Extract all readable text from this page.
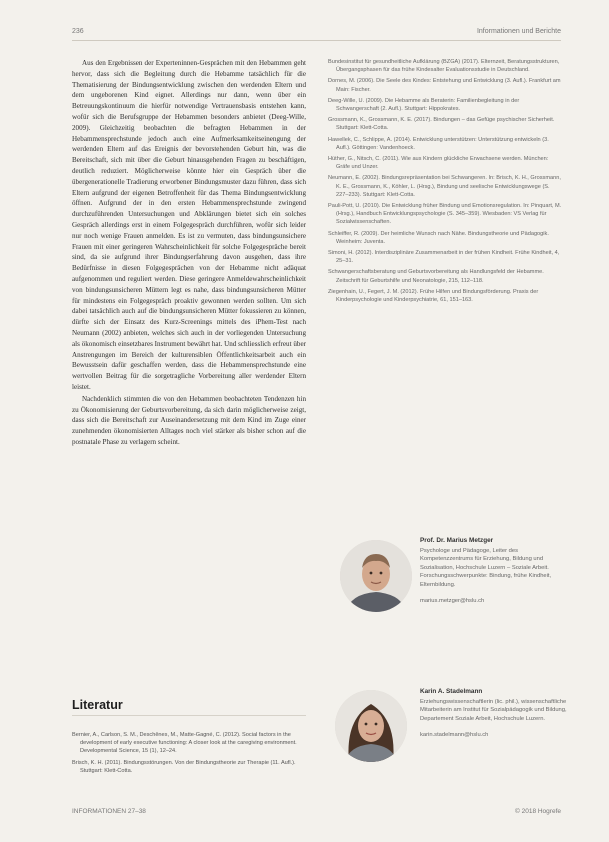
236	Informationen und Berichte

Aus den Ergebnissen der Experteninnen-Gesprächen mit den Hebammen geht hervor, dass sich die Begleitung durch die Hebamme tatsächlich für die Thematisierung der Bindungsentwicklung zwischen den werdenden Eltern und dem ungeborenen Kind eignet. Allerdings nur dann, wenn über ein Betreuungskontinuum die hierfür notwendige Vertrauensbasis entstehen kann, wofür sich die Berufsgruppe der Hebammen besonders anbietet (Deeg-Wille, 2009). Gleichzeitig beobachten die befragten Hebammen in der Hebammensprechstunde jedoch auch eine Aufmerksamkeitseinengung der werdenden Eltern auf das Ereignis der bevorstehenden Geburt hin, was die Bereitschaft, sich mit über die Geburt hinausgehenden Fragen zu beschäftigen, deutlich reduziert. Möglicherweise könnte hier ein Gespräch über die übergenerationelle Tradierung erworbener Bindungsmuster dazu führen, dass sich Eltern aufgrund der eigenen Betroffenheit für das Thema Bindungsentwicklung öffnen. Aufgrund der in den ersten Hebammensprechstunde zwingend durchzuführenden Untersuchungen und Abklärungen bietet sich ein solches Gespräch allerdings erst in einem Folgegespräch durchführen, wofür sich leider nur noch wenige Frauen anmelden. Es ist zu vermuten, dass bindungsunsichere Frauen mit einer geringeren Wahrscheinlichkeit für solche Folgegespräche bereit sind, da sie aufgrund ihrer Bindungserfahrung davon ausgehen, dass ihre Bedürfnisse in diesen Folgegesprächen von der Hebamme nicht adäquat aufgenommen und reguliert werden. Diese geringere Anmeldewahrscheinlichkeit von bindungsunsicheren Müttern legt es nahe, dass bindungsunsicheren Mütter für mindestens ein Folgegespräch proaktiv gewonnen werden sollten. Um sich dabei tatsächlich auch auf die bindungsunsicheren Mütter fokussieren zu können, dürfte sich der Einsatz des Kurz-Screenings mittels des iPhem-Test nach Neumann (2002) anbieten, welches sich auch in der vorliegenden Untersuchung als ökonomisch einsetzbares Instrument bewährt hat. Und schliesslich erfreut über Anstrengungen im Bereich der kulturensiblen Öffentlichkeitsarbeit auch ein Bewusstsein dafür geschaffen werden, dass die Hebammensprechstunde eine wertvollen Beitrag für die sorgetragliche Vorbereitung aller werdender Eltern leistet.

Nachdenklich stimmten die von den Hebammen beobachteten Tendenzen hin zu Ökonomisierung der Geburtsvorbereitung, da sich darin möglicherweise zeigt, dass sich die Bereitschaft zur Auseinandersetzung mit dem Kind im Zuge einer zunehmenden ökonomisierten Alltages noch viel stärker als bisher schon auf die postnatale Phase zu verlagern scheint.

Literatur

Bernier, A., Carlson, S. M., Deschênes, M., Matte-Gagné, C. (2012). Social factors in the development of early executive functioning: A closer look at the caregiving environment. Developmental Science, 15 (1), 12–24.

Brisch, K. H. (2011). Bindungsstörungen. Von der Bindungstheorie zur Therapie (11. Aufl.). Stuttgart: Klett-Cotta.

Bundesinstitut für gesundheitliche Aufklärung (BZGA) (2017). Elternzeit, Beratungsstrukturen, Übergangsphasen für das frühe Kindesalter Evaluationsstudie in Deutschland.

Dornes, M. (2006). Die Seele des Kindes: Entstehung und Entwicklung (3. Aufl.). Frankfurt am Main: Fischer.

Deeg-Wille, U. (2009). Die Hebamme als Beraterin: Familienbegleitung in der Schwangerschaft (2. Aufl.). Stuttgart: Hippokrates.

Grossmann, K., Grossmann, K. E. (2017). Bindungen – das Gefüge psychischer Sicherheit. Stuttgart: Klett-Cotta.

Hawellek, C., Schlippe, A. (2014). Entwicklung unterstützen: Unterstützung entwickeln (3. Aufl.). Göttingen: Vandenhoeck.

Hüther, G., Nitsch, C. (2011). Wie aus Kindern glückliche Erwachsene werden. München: Gräfe und Unzer.

Neumann, E. (2002). Bindungsrepräsentation bei Schwangeren. In: Brisch, K. H., Grossmann, K. E., Grossmann, K., Köhler, L. (Hrsg.), Bindung und seelische Entwicklungswege (S. 227–233). Stuttgart: Klett-Cotta.

Pauli-Pott, U. (2010). Die Entwicklung früher Bindung und Emotionsregulation. In: Pinquart, M. (Hrsg.), Handbuch Entwicklungspsychologie (S. 345–359). Wiesbaden: VS Verlag für Sozialwissenschaften.

Schleiffer, R. (2009). Der heimliche Wunsch nach Nähe. Bindungstheorie und Pädagogik. Weinheim: Juventa.

Simoni, H. (2012). Interdisziplinäre Zusammenarbeit in der frühen Kindheit. Frühe Kindheit, 4, 25–31.

Schwangerschaftsberatung und Geburtsvorbereitung als Handlungsfeld der Hebamme. Zeitschrift für Geburtshilfe und Neonatologie, 215, 112–118.

Ziegenhain, U., Fegert, J. M. (2012). Frühe Hilfen und Bindungsförderung. Praxis der Kinderpsychologie und Kinderpsychiatrie, 61, 151–163.

Prof. Dr. Marius Metzger
Psychologe und Pädagoge, Leiter des Kompetenzzentrums für Erziehung, Bildung und Sozialisation, Hochschule Luzern – Soziale Arbeit. Forschungsschwerpunkte: Bindung, frühe Kindheit, Elternbildung.
marius.metzger@hslu.ch
Karin A. Stadelmann
Erziehungswissenschaftlerin (lic. phil.), wissenschaftliche Mitarbeiterin am Institut für Sozialpädagogik und Bildung, Departement Soziale Arbeit, Hochschule Luzern.
karin.stadelmann@hslu.ch
INFORMATIONEN 27–38	© 2018 Hogrefe
